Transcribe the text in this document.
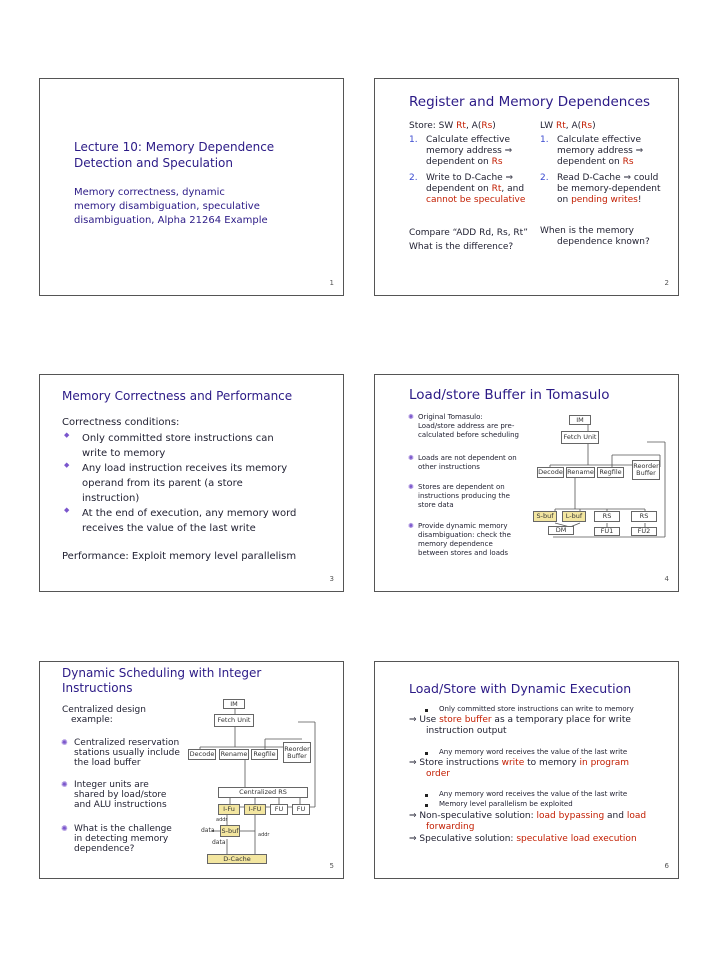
Lecture 10: Memory Dependence
Detection and Speculation
Memory correctness, dynamic
memory disambiguation, speculative
disambiguation, Alpha 21264 Example
1
Register and Memory Dependences
Store: SW Rt, A(Rs)	LW Rt, A(Rs)
1. Calculate effective
memory address ⇒
dependent on Rs
2. Write to D-Cache ⇒
dependent on Rt, and
cannot be speculative
1. Calculate effective
memory address ⇒
dependent on Rs
2. Read D-Cache ⇒ could
be memory-dependent
on pending writes!
Compare “ADD Rd, Rs, Rt”
What is the difference?
When is the memory
dependence known?
2
Memory Correctness and Performance
Correctness conditions:
◆ Only committed store instructions can
write to memory
◆ Any load instruction receives its memory
operand from its parent (a store
instruction)
◆ At the end of execution, any memory word
receives the value of the last write
Performance: Exploit memory level parallelism
3
Load/store Buffer in Tomasulo
✺ Original Tomasulo:
Load/store address are pre-
calculated before scheduling
✺ Loads are not dependent on
other instructions
✺ Stores are dependent on
instructions producing the
store data
✺ Provide dynamic memory
disambiguation: check the
memory dependence
between stores and loads
IM
Fetch Unit
Decode Rename Regfile
Reorder Buffer
S-buf	L-buf	RS	RS
DM	FU1	FU2
4
Dynamic Scheduling with Integer
Instructions
Centralized design
example:
✺ Centralized reservation
stations usually include
the load buffer
✺ Integer units are
shared by load/store
and ALU instructions
✺ What is the challenge
in detecting memory
dependence?
IM
Fetch Unit
Decode Rename Regfile
Reorder Buffer
Centralized RS
I-Fu	I-FU	FU	FU
addr
data S-buf
addr
data
D-Cache
5
Load/Store with Dynamic Execution
Only committed store instructions can write to memory
⇒ Use store buffer as a temporary place for write
instruction output
Any memory word receives the value of the last write
⇒ Store instructions write to memory in program
order
Any memory word receives the value of the last write
Memory level parallelism be exploited
⇒ Non-speculative solution: load bypassing and load
forwarding
⇒ Speculative solution: speculative load execution
6
